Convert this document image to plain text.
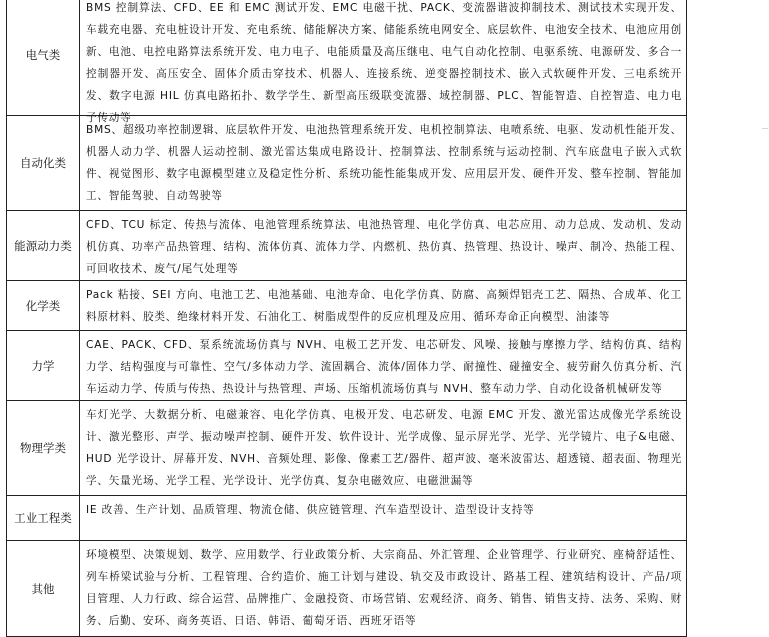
电气类
BMS 控制算法、CFD、EE 和 EMC 测试开发、EMC 电磁干扰、PACK、变流器谐波抑制技术、测试技术实现开发、车载充电器、充电桩设计开发、充电系统、储能解决方案、储能系统电网安全、底层软件、电池安全技术、电池应用创新、电池、电控电路算法系统开发、电力电子、电能质量及高压继电、电气自动化控制、电驱系统、电源研发、多合一控制器开发、高压安全、固体介质击穿技术、机器人、连接系统、逆变器控制技术、嵌入式软硬件开发、三电系统开发、数字电源 HIL 仿真电路拓扑、数学学生、新型高压级联变流器、域控制器、PLC、智能智造、自控智造、电力电子传动等
自动化类
BMS、超级功率控制逻辑、底层软件开发、电池热管理系统开发、电机控制算法、电喷系统、电驱、发动机性能开发、机器人动力学、机器人运动控制、激光雷达集成电路设计、控制算法、控制系统与运动控制、汽车底盘电子嵌入式软件、视觉图形、数字电源模型建立及稳定性分析、系统功能性能集成开发、应用层开发、硬件开发、整车控制、智能加工、智能驾驶、自动驾驶等
能源动力类
CFD、TCU 标定、传热与流体、电池管理系统算法、电池热管理、电化学仿真、电芯应用、动力总成、发动机、发动机仿真、功率产品热管理、结构、流体仿真、流体力学、内燃机、热仿真、热管理、热设计、噪声、制冷、热能工程、可回收技术、废气/尾气处理等
化学类
Pack 粘接、SEI 方向、电池工艺、电池基础、电池寿命、电化学仿真、防腐、高频焊铝壳工艺、隔热、合成革、化工料原材料、胶类、绝缘材料开发、石油化工、树脂成型件的反应机理及应用、循环寿命正向模型、油漆等
力学
CAE、PACK、CFD、泵系统流场仿真与 NVH、电极工艺开发、电芯研发、风噪、接触与摩擦力学、结构仿真、结构力学、结构强度与可靠性、空气/多体动力学、流固耦合、流体/固体力学、耐撞性、碰撞安全、疲劳耐久仿真分析、汽车运动力学、传质与传热、热设计与热管理、声场、压缩机流场仿真与 NVH、整车动力学、自动化设备机械研发等
物理学类
车灯光学、大数据分析、电磁兼容、电化学仿真、电极开发、电芯研发、电源 EMC 开发、激光雷达成像光学系统设计、激光整形、声学、振动噪声控制、硬件开发、软件设计、光学成像、显示屏光学、光学、光学镜片、电子&电磁、HUD 光学设计、屏幕开发、NVH、音频处理、影像、像素工艺/器件、超声波、毫米波雷达、超透镜、超表面、物理光学、矢量光场、光学工程、光学设计、光学仿真、复杂电磁效应、电磁泄漏等
工业工程类
IE 改善、生产计划、品质管理、物流仓储、供应链管理、汽车造型设计、造型设计支持等
其他
环境模型、决策规划、数学、应用数学、行业政策分析、大宗商品、外汇管理、企业管理学、行业研究、座椅舒适性、列车桥梁试验与分析、工程管理、合约造价、施工计划与建设、轨交及市政设计、路基工程、建筑结构设计、产品/项目管理、人力行政、综合运营、品牌推广、金融投资、市场营销、宏观经济、商务、销售、销售支持、法务、采购、财务、后勤、安环、商务英语、日语、韩语、葡萄牙语、西班牙语等
